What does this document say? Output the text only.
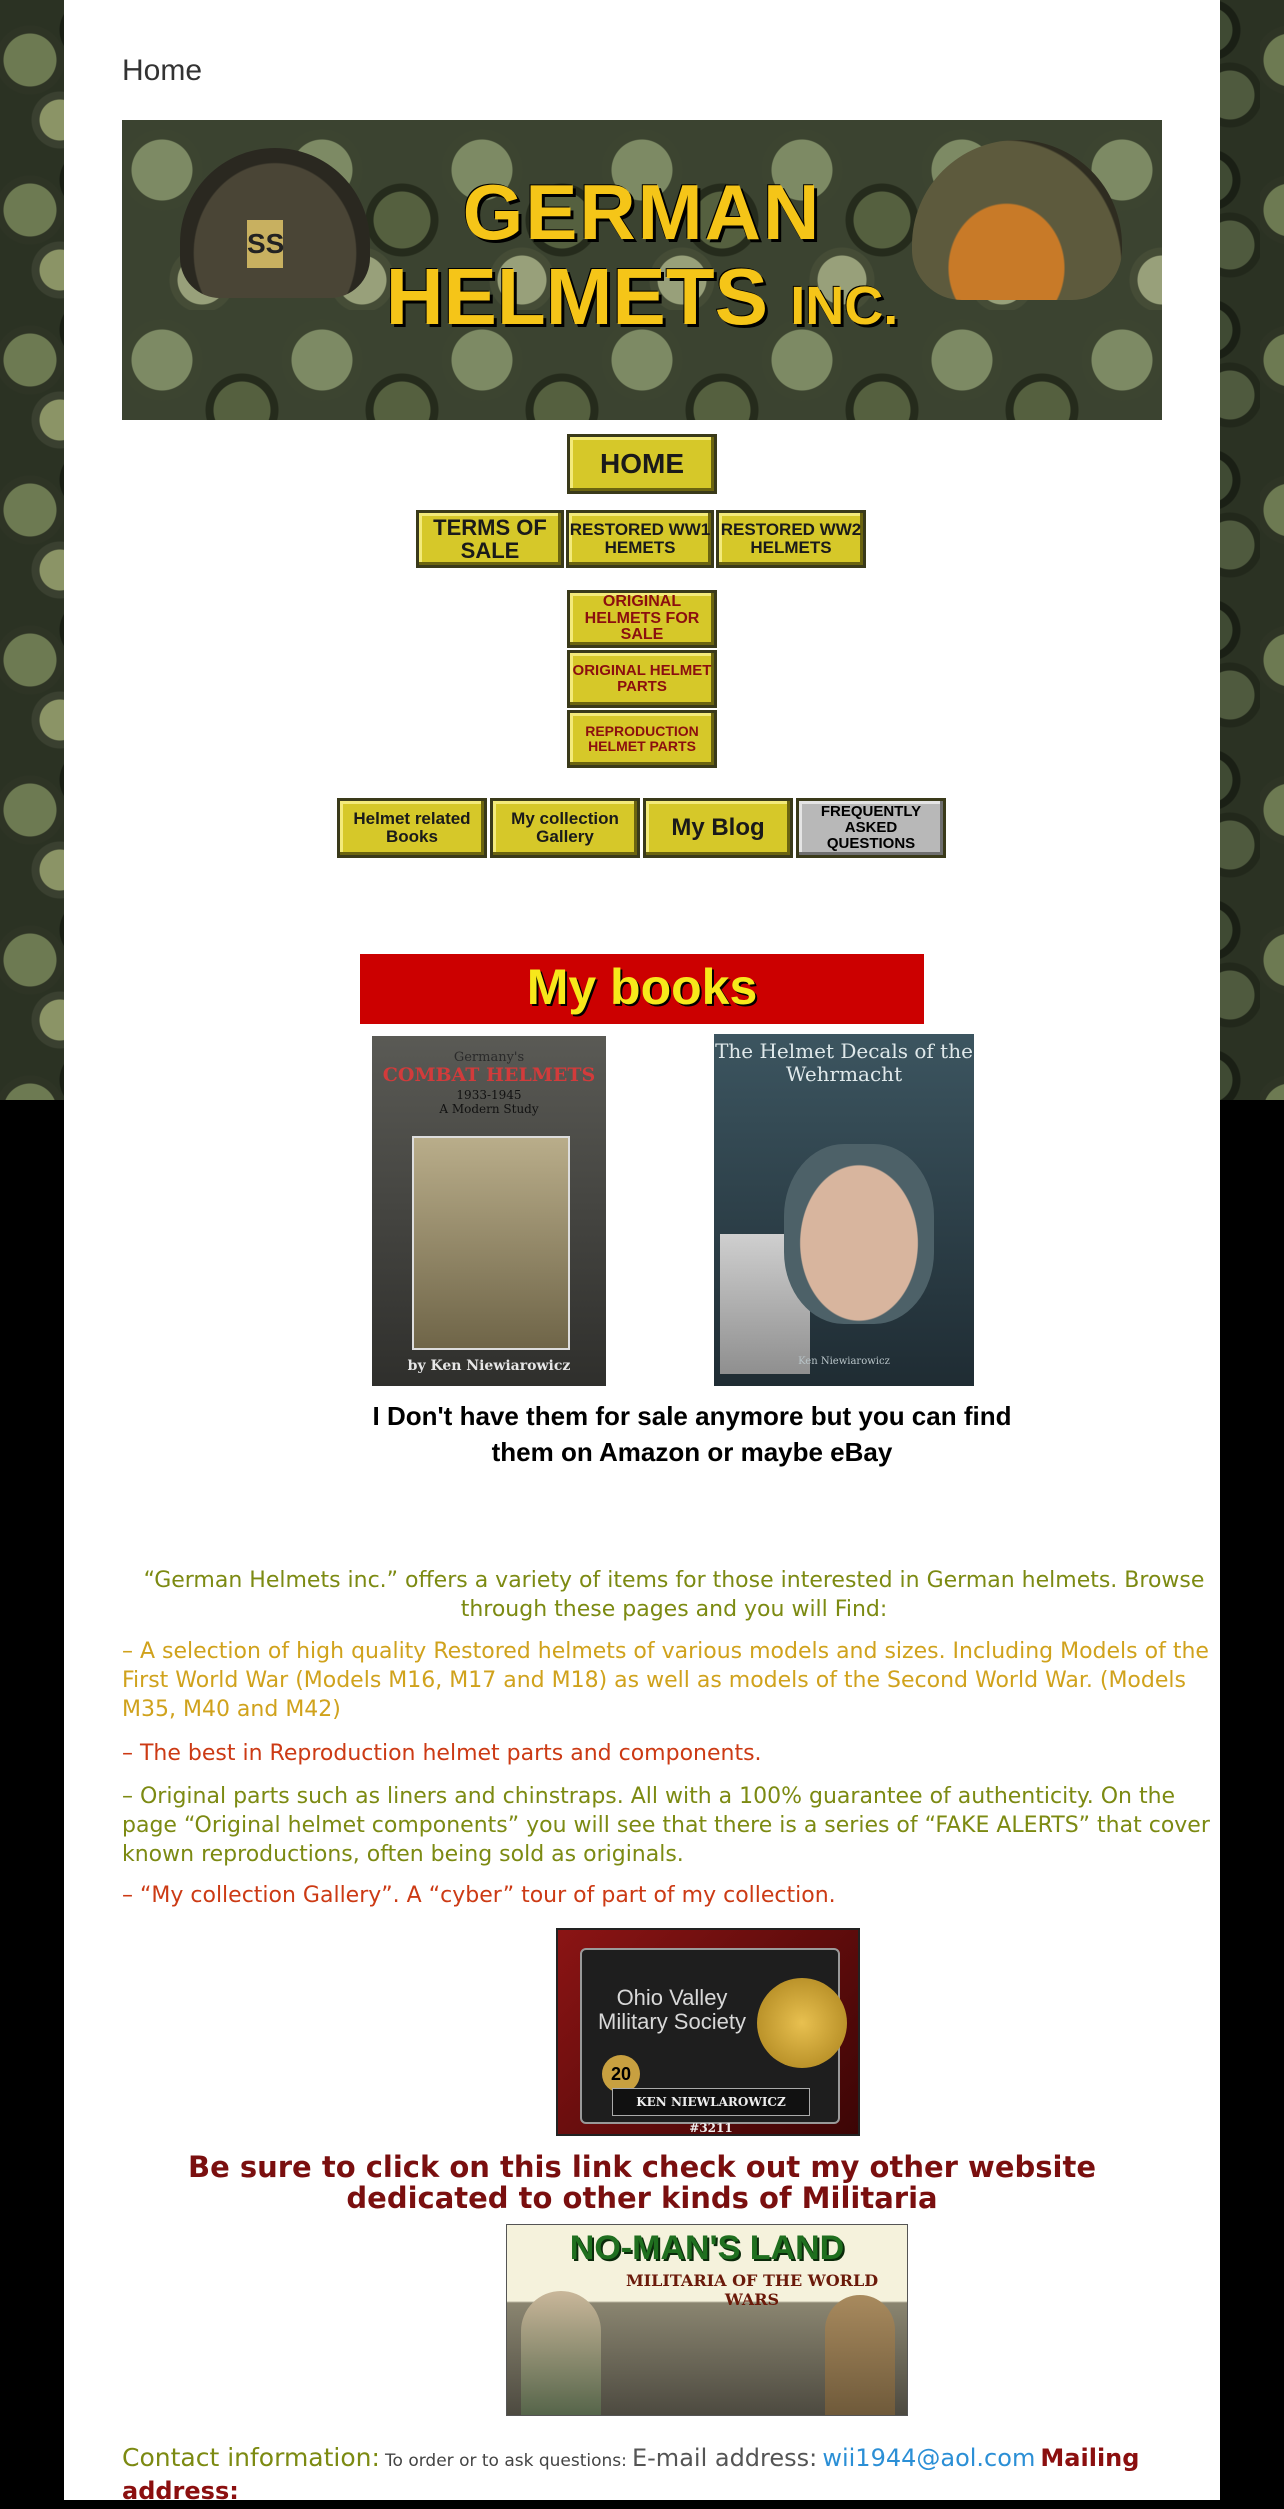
Home
SS	GERMAN
HELMETS INC.
HOME
TERMS OF SALE
RESTORED WW1 HEMETS
RESTORED WW2 HELMETS
ORIGINAL HELMETS FOR SALE
ORIGINAL HELMET PARTS
REPRODUCTION HELMET PARTS
Helmet related Books
My collection Gallery	My Blog
FREQUENTLY ASKED QUESTIONS
My books
Germany's
COMBAT HELMETS
1933-1945
A Modern Study
by Ken Niewiarowicz
The Helmet Decals of the Wehrmacht
Ken Niewiarowicz
I Don't have them for sale anymore but you can find them on Amazon or maybe eBay
“German Helmets inc.” offers a variety of items for those interested in German helmets. Browse through these pages and you will Find:
– A selection of high quality Restored helmets of various models and sizes. Including Models of the First World War (Models M16, M17 and M18) as well as models of the Second World War. (Models M35, M40 and M42)
– The best in Reproduction helmet parts and components.
– Original parts such as liners and chinstraps. All with a 100% guarantee of authenticity. On the page “Original helmet components” you will see that there is a series of “FAKE ALERTS” that cover known reproductions, often being sold as originals.
– “My collection Gallery”. A “cyber” tour of part of my collection.
Ohio Valley Military Society
20
KEN NIEWLAROWICZ #3211
Be sure to click on this link check out my other website dedicated to other kinds of Militaria
NO-MAN'S LAND
MILITARIA OF THE WORLD WARS
Contact information: To order or to ask questions: E-mail address: wii1944@aol.com Mailing address:
